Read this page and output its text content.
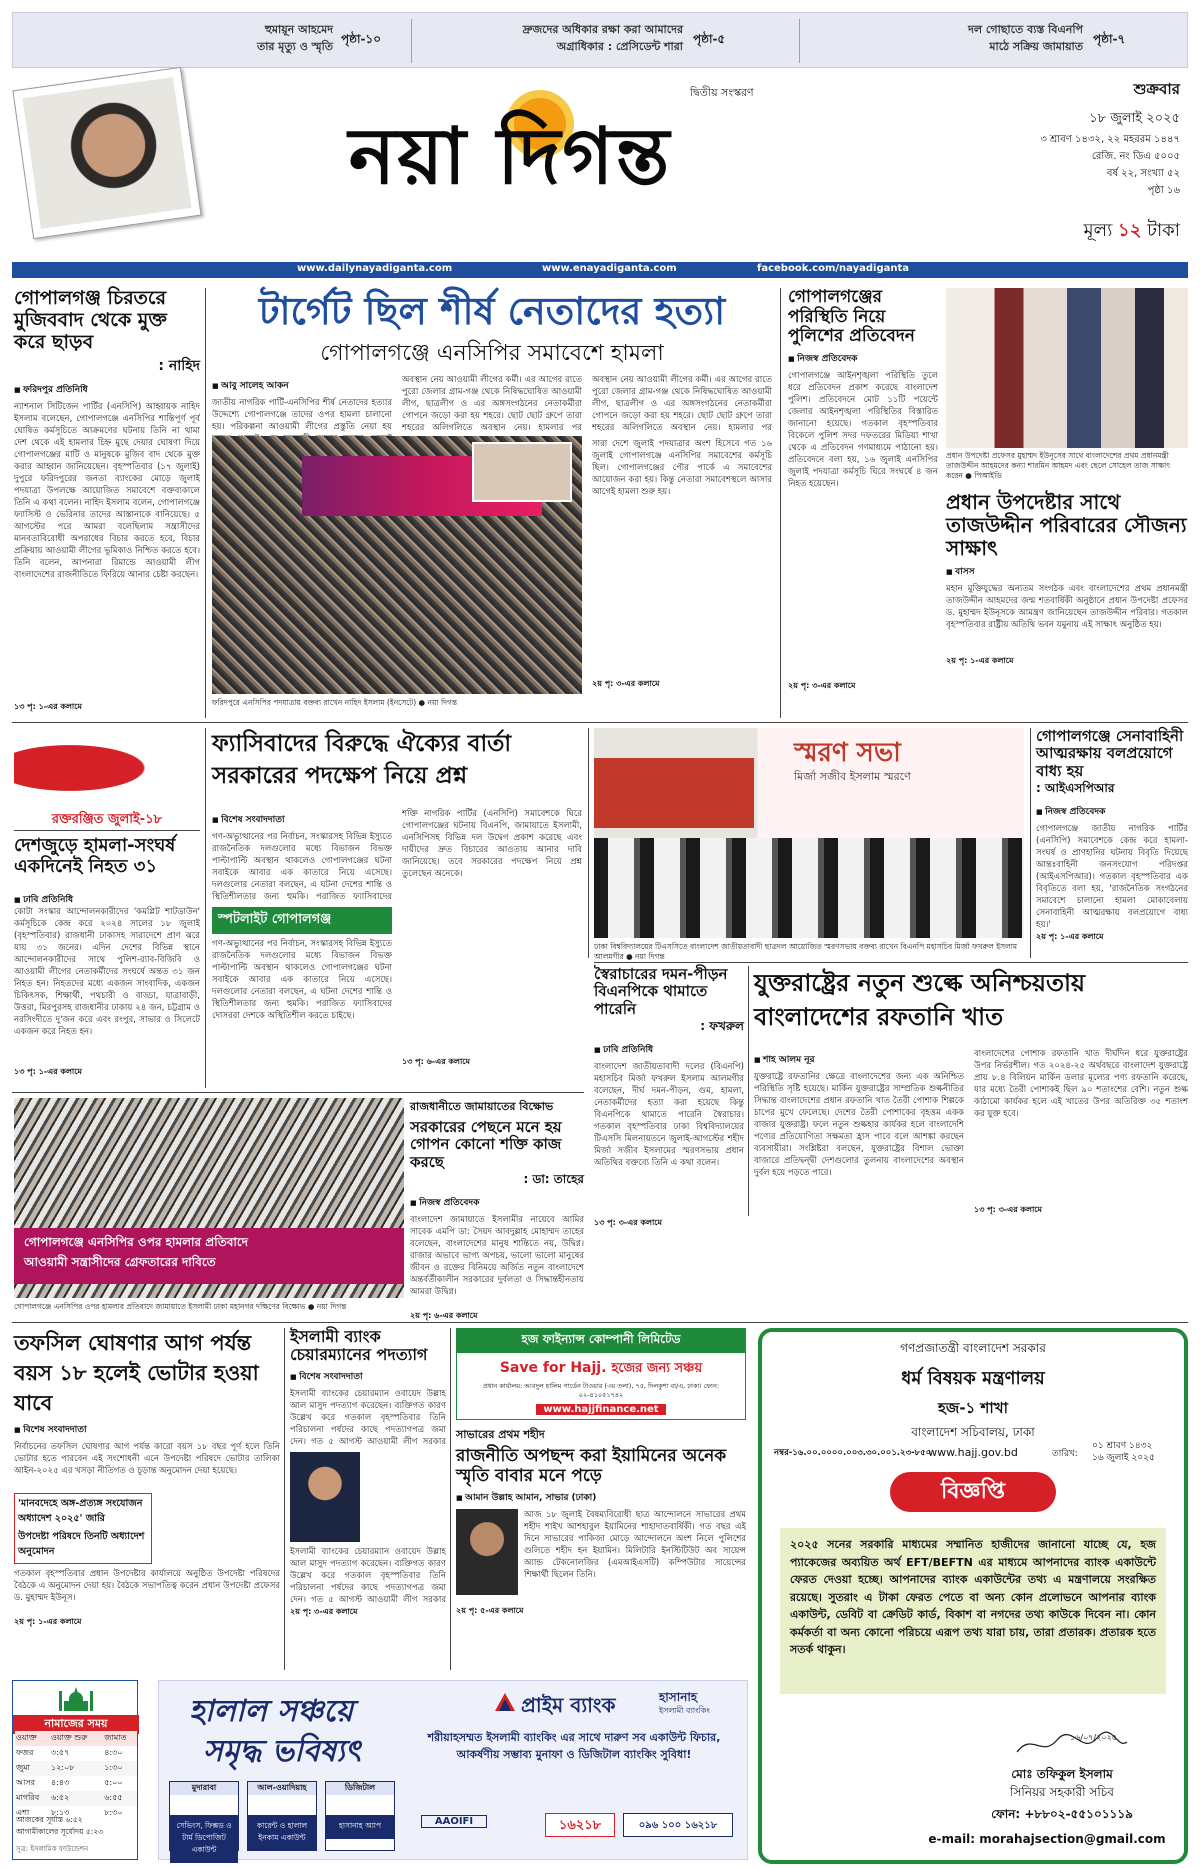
হুমায়ূন আহমেদ
তার মৃত্যু ও স্মৃতি
পৃষ্ঠা-১০
দ্রুজদের অধিকার রক্ষা করা আমাদের
অগ্রাধিকার : প্রেসিডেন্ট শারা
পৃষ্ঠা-৫
দল গোছাতে ব্যস্ত বিএনপি
মাঠে সক্রিয় জামায়াত
পৃষ্ঠা-৭
দ্বিতীয় সংস্করণ
নয়া দিগন্ত
শুক্রবার
১৮ জুলাই ২০২৫
৩ শ্রাবণ ১৪৩২, ২২ মহররম ১৪৪৭
রেজি. নং ডিএ ৫০০৫
বর্ষ ২২, সংখ্যা ৫২
পৃষ্ঠা ১৬
মূল্য ১২ টাকা
www.dailynayadiganta.com	www.enayadiganta.com	facebook.com/nayadiganta
গোপালগঞ্জ চিরতরে মুজিববাদ থেকে মুক্ত করে ছাড়ব
: নাহিদ
■ ফরিদপুর প্রতিনিধি
ন্যাশনাল সিটিজেন পার্টির (এনসিপি) আহ্বায়ক নাহিদ ইসলাম বলেছেন, গোপালগঞ্জে এনসিপির শান্তিপূর্ণ পূর্ব ঘোষিত কর্মসূচিতে আক্রমণের ঘটনায় তিনি না থামা দেশ থেকে এই হামলার চিহ্ন মুছে দেয়ার ঘোষণা দিয়ে গোপালগঞ্জের মাটি ও মানুষকে মুজিব বাদ থেকে মুক্ত করার আহ্বান জানিয়েছেন। বৃহস্পতিবার (১৭ জুলাই) দুপুরে ফরিদপুরের জনতা ব্যাংকের মোড়ে জুলাই পদযাত্রা উপলক্ষে আয়োজিত সমাবেশে বক্তব্যকালে তিনি এ কথা বলেন। নাহিদ ইসলাম বলেন, গোপালগঞ্জে ফ্যাসিস্ট ও ভেরিনার তাদের আস্তানাকে বানিয়েছে। ৫ আগস্টের পরে আমরা বলেছিলাম সন্ত্রাসীদের মানবতাবিরোধী অপরাধের বিচার করতে হবে, বিচার প্রক্রিয়ায় আওয়ামী লীগের ভূমিকাও নিশ্চিত করতে হবে। তিনি বলেন, আপনারা রিমান্ডে আওয়ামী লীগ বাংলাদেশের রাজনীতিতে ফিরিয়ে আনার চেষ্টা করছেন।
১৩ পৃ: ১-এর কলামে
টার্গেট ছিল শীর্ষ নেতাদের হত্যা
গোপালগঞ্জে এনসিপির সমাবেশে হামলা
■ আবু সালেহ আকন
জাতীয় নাগরিক পার্টি-এনসিপির শীর্ষ নেতাদের হত্যার উদ্দেশ্যে গোপালগঞ্জে তাদের ওপর হামলা চালানো হয়। পরিকল্পনা আওয়ামী লীগের প্রস্তুতি নেয়া হয়
অবস্থান নেয় আওয়ামী লীগের কর্মী। এর আগের রাতে পুরো জেলার গ্রাম-গঞ্জ থেকে নিষিদ্ধঘোষিত আওয়ামী লীগ, ছাত্রলীগ ও এর অঙ্গসংগঠনের নেতাকর্মীরা গোপনে জড়ো করা হয় শহরে। ছোট ছোট গ্রুপে তারা শহরের অলিগলিতে অবস্থান নেয়। হামলার পর
অবস্থান নেয় আওয়ামী লীগের কর্মী। এর আগের রাতে পুরো জেলার গ্রাম-গঞ্জ থেকে নিষিদ্ধঘোষিত আওয়ামী লীগ, ছাত্রলীগ ও এর অঙ্গসংগঠনের নেতাকর্মীরা গোপনে জড়ো করা হয় শহরে। ছোট ছোট গ্রুপে তারা শহরের অলিগলিতে অবস্থান নেয়। হামলার পর
ফরিদপুরে এনসিপির পদযাত্রায় বক্তব্য রাখেন নাহিদ ইসলাম (ইনসেটে) ● নয়া দিগন্ত
সারা দেশে জুলাই পদযাত্রার অংশ হিসেবে গত ১৬ জুলাই গোপালগঞ্জে এনসিপির সমাবেশের কর্মসূচি ছিল। গোপালগঞ্জের পৌর পার্কে এ সমাবেশের আয়োজন করা হয়। কিন্তু নেতারা সমাবেশস্থলে আসার আগেই হামলা শুরু হয়।
২য় পৃ: ৩-এর কলামে
গোপালগঞ্জের পরিস্থিতি নিয়ে পুলিশের প্রতিবেদন
■ নিজস্ব প্রতিবেদক
গোপালগঞ্জে আইনশৃঙ্খলা পরিস্থিতি তুলে ধরে প্রতিবেদন প্রকাশ করেছে বাংলাদেশ পুলিশ। প্রতিবেদনে মোট ১১টি পয়েন্টে জেলার আইনশৃঙ্খলা পরিস্থিতির বিস্তারিত জানানো হয়েছে। গতকাল বৃহস্পতিবার বিকেলে পুলিশ সদর দফতরের মিডিয়া শাখা থেকে এ প্রতিবেদন গণমাধ্যমে পাঠানো হয়। প্রতিবেদনে বলা হয়, ১৬ জুলাই এনসিপির জুলাই পদযাত্রা কর্মসূচি ঘিরে সংঘর্ষে ৪ জন নিহত হয়েছেন।
২য় পৃ: ৩-এর কলামে
প্রধান উপদেষ্টা প্রফেসর মুহাম্মদ ইউনূসের সাথে বাংলাদেশের প্রথম প্রধানমন্ত্রী তাজউদ্দীন আহমদের কন্যা শারমিন আহমদ এবং ছেলে সোহেল তাজ সাক্ষাৎ করেন ● পিআইডি
প্রধান উপদেষ্টার সাথে তাজউদ্দীন পরিবারের সৌজন্য সাক্ষাৎ
■ বাসস
মহান মুক্তিযুদ্ধের অন্যতম সংগঠক এবং বাংলাদেশের প্রথম প্রধানমন্ত্রী তাজউদ্দীন আহমদের জন্ম শতবার্ষিকী অনুষ্ঠানে প্রধান উপদেষ্টা প্রফেসর ড. মুহাম্মদ ইউনূসকে আমন্ত্রণ জানিয়েছেন তাজউদ্দীন পরিবার। গতকাল বৃহস্পতিবার রাষ্ট্রীয় অতিথি ভবন যমুনায় এই সাক্ষাৎ অনুষ্ঠিত হয়।
২য় পৃ: ১-এর কলামে
রক্তরঞ্জিত জুলাই-১৮
দেশজুড়ে হামলা-সংঘর্ষ একদিনেই নিহত ৩১
■ ঢাবি প্রতিনিধি
কোটা সংস্কার আন্দোলনকারীদের 'কমপ্লিট শাটডাউন' কর্মসূচিকে কেন্দ্র করে ২০২৪ সালের ১৮ জুলাই (বৃহস্পতিবার) রাজধানী ঢাকাসহ সারাদেশে প্রাণ ঝরে যায় ৩১ জনের। এদিন দেশের বিভিন্ন স্থানে আন্দোলনকারীদের সাথে পুলিশ-র‍্যাব-বিজিবি ও আওয়ামী লীগের নেতাকর্মীদের সংঘর্ষে অন্তত ৩১ জন নিহত হন। নিহতদের মধ্যে একজন সাংবাদিক, একজন চিকিৎসক, শিক্ষার্থী, পথচারী ও বাড্ডা, যাত্রাবাড়ী, উত্তরা, মিরপুরসহ রাজধানীর ঢাকায় ২৪ জন, চট্টগ্রাম ও নরসিংদীতে দু'জন করে এবং রংপুর, সাভার ও সিলেটে একজন করে নিহত হন।
১৩ পৃ: ১-এর কলামে
ফ্যাসিবাদের বিরুদ্ধে ঐক্যের বার্তা সরকারের পদক্ষেপ নিয়ে প্রশ্ন
■ বিশেষ সংবাদদাতা
গণ-অভ্যুত্থানের পর নির্বাচন, সংস্কারসহ বিভিন্ন ইস্যুতে রাজনৈতিক দলগুলোর মধ্যে বিভাজন বিভক্ত পাল্টাপাল্টি অবস্থান থাকলেও গোপালগঞ্জের ঘটনা সবাইকে আবার এক কাতারে নিয়ে এসেছে। দলগুলোর নেতারা বলছেন, এ ঘটনা দেশের শান্তি ও স্থিতিশীলতার জন্য হুমকি। পরাজিত ফ্যাসিবাদের
স্পটলাইট গোপালগঞ্জ
গণ-অভ্যুত্থানের পর নির্বাচন, সংস্কারসহ বিভিন্ন ইস্যুতে রাজনৈতিক দলগুলোর মধ্যে বিভাজন বিভক্ত পাল্টাপাল্টি অবস্থান থাকলেও গোপালগঞ্জের ঘটনা সবাইকে আবার এক কাতারে নিয়ে এসেছে। দলগুলোর নেতারা বলছেন, এ ঘটনা দেশের শান্তি ও স্থিতিশীলতার জন্য হুমকি। পরাজিত ফ্যাসিবাদের দোসররা দেশকে অস্থিতিশীল করতে চাইছে।
শক্তি নাগরিক পার্টির (এনসিপি) সমাবেশকে ঘিরে গোপালগঞ্জের ঘটনায় বিএনপি, জামায়াতে ইসলামী, এনসিপিসহ বিভিন্ন দল উদ্বেগ প্রকাশ করেছে এবং দায়ীদের দ্রুত বিচারের আওতায় আনার দাবি জানিয়েছে। তবে সরকারের পদক্ষেপ নিয়ে প্রশ্ন তুলেছেন অনেকে।
১৩ পৃ: ৬-এর কলামে
স্মরণ সভা
মির্জা সজীব ইসলাম স্মরণে
ঢাকা বিশ্ববিদ্যালয়ের টিএসসিতে বাংলাদেশ জাতীয়তাবাদী ছাত্রদল আয়োজিত স্মরণসভায় বক্তব্য রাখেন বিএনপি মহাসচিব মির্জা ফখরুল ইসলাম আলমগীর ● নয়া দিগন্ত
গোপালগঞ্জে সেনাবাহিনী আত্মরক্ষায় বলপ্রয়োগে বাধ্য হয়
: আইএসপিআর
■ নিজস্ব প্রতিবেদক
গোপালগঞ্জে জাতীয় নাগরিক পার্টির (এনসিপি) সমাবেশকে কেন্দ্র করে হামলা-সংঘর্ষ ও প্রাণহানির ঘটনায় বিবৃতি দিয়েছে আন্তঃবাহিনী জনসংযোগ পরিদপ্তর (আইএসপিআর)। গতকাল বৃহস্পতিবার এক বিবৃতিতে বলা হয়, 'রাজনৈতিক সংগঠনের সমাবেশে চালানো হামলা মোকাবেলায় সেনাবাহিনী আত্মরক্ষায় বলপ্রয়োগে বাধ্য হয়।'
২য় পৃ: ১-এর কলামে
স্বৈরাচারের দমন-পীড়ন বিএনপিকে থামাতে পারেনি
: ফখরুল
■ ঢাবি প্রতিনিধি
বাংলাদেশ জাতীয়তাবাদী দলের (বিএনপি) মহাসচিব মির্জা ফখরুল ইসলাম আলমগীর বলেছেন, দীর্ঘ দমন-পীড়ন, গুম, হামলা, নেতাকর্মীদের হত্যা করা হয়েছে কিন্তু বিএনপিকে থামাতে পারেনি স্বৈরাচার। গতকাল বৃহস্পতিবার ঢাকা বিশ্ববিদ্যালয়ের টিএসসি মিলনায়তনে জুলাই-আগস্টের শহীদ মির্জা সজীব ইসলামের স্মরণসভায় প্রধান অতিথির বক্তব্যে তিনি এ কথা বলেন।
১৩ পৃ: ৩-এর কলামে
যুক্তরাষ্ট্রের নতুন শুল্কে অনিশ্চয়তায় বাংলাদেশের রফতানি খাত
■ শাহ আলম নূর
যুক্তরাষ্ট্রে রফতানির ক্ষেত্রে বাংলাদেশের জন্য এক অনিশ্চিত পরিস্থিতি সৃষ্টি হয়েছে। মার্কিন যুক্তরাষ্ট্রের সাম্প্রতিক শুল্কনীতির সিদ্ধান্ত বাংলাদেশের প্রধান রফতানি খাত তৈরী পোশাক শিল্পকে চাপের মুখে ফেলেছে। দেশের তৈরী পোশাকের বৃহত্তম একক বাজার যুক্তরাষ্ট্র। ফলে নতুন শুল্কহার কার্যকর হলে বাংলাদেশি পণ্যের প্রতিযোগিতা সক্ষমতা হ্রাস পাবে বলে আশঙ্কা করছেন ব্যবসায়ীরা। সংশ্লিষ্টরা বলছেন, যুক্তরাষ্ট্রের বিশাল ভোক্তা বাজারে প্রতিদ্বন্দ্বী দেশগুলোর তুলনায় বাংলাদেশের অবস্থান দুর্বল হয়ে পড়তে পারে।
বাংলাদেশের পোশাক রফতানি খাত দীর্ঘদিন ধরে যুক্তরাষ্ট্রের উপর নির্ভরশীল। গত ২০২৪-২৫ অর্থবছরে বাংলাদেশ যুক্তরাষ্ট্রে প্রায় ৮.৪ বিলিয়ন মার্কিন ডলার মূল্যের পণ্য রফতানি করেছে, যার মধ্যে তৈরী পোশাকই ছিল ৯০ শতাংশের বেশি। নতুন শুল্ক কাঠামো কার্যকর হলে এই খাতের উপর অতিরিক্ত ৩৫ শতাংশ কর যুক্ত হবে।
১৩ পৃ: ৩-এর কলামে
গোপালগঞ্জে এনসিপির ওপর হামলার প্রতিবাদে
আওয়ামী সন্ত্রাসীদের গ্রেফতারের দাবিতে
গোপালগঞ্জে এনসিপির ওপর হামলার প্রতিবাদে জামায়াতে ইসলামী ঢাকা মহানগর দক্ষিণের বিক্ষোভ ● নয়া দিগন্ত
রাজধানীতে জামায়াতের বিক্ষোভ
সরকারের পেছনে মনে হয় গোপন কোনো শক্তি কাজ করছে
: ডা: তাহের
■ নিজস্ব প্রতিবেদক
বাংলাদেশ জামায়াতে ইসলামীর নায়েবে আমির সাবেক এমপি ডা: সৈয়দ আবদুল্লাহ মোহাম্মদ তাহের বলেছেন, বাংলাদেশের মানুষ শান্তিতে নয়, উদ্বিগ্ন। রাজার অভাবে ভাগ্য অপচয়, ভালো ভালো মানুষের জীবন ও রক্তের বিনিময়ে অর্জিত নতুন বাংলাদেশে অন্তর্বর্তীকালীন সরকারের দুর্বলতা ও সিদ্ধান্তহীনতায় আমরা উদ্বিগ্ন।
২য় পৃ: ৬-এর কলামে
তফসিল ঘোষণার আগ পর্যন্ত বয়স ১৮ হলেই ভোটার হওয়া যাবে
■ বিশেষ সংবাদদাতা
নির্বাচনের তফসিল ঘোষণার আগ পর্যন্ত কারো বয়স ১৮ বছর পূর্ণ হলে তিনি ভোটার হতে পারবেন এই সংশোধনী এনে উপদেষ্টা পরিষদে ভোটার তালিকা আইন-২০২৫ এর খসড়া নীতিগত ও চূড়ান্ত অনুমোদন দেয়া হয়েছে।
'মানবদেহে অঙ্গ-প্রত্যঙ্গ সংযোজন অধ্যাদেশ ২০২৫' জারি
উপদেষ্টা পরিষদে তিনটি অধ্যাদেশ অনুমোদন
গতকাল বৃহস্পতিবার প্রধান উপদেষ্টার কার্যালয়ে অনুষ্ঠিত উপদেষ্টা পরিষদের বৈঠকে এ অনুমোদন দেয়া হয়। বৈঠকে সভাপতিত্ব করেন প্রধান উপদেষ্টা প্রফেসর ড. মুহাম্মদ ইউনূস।
২য় পৃ: ১-এর কলামে
ইসলামী ব্যাংক চেয়ারম্যানের পদত্যাগ
■ বিশেষ সংবাদদাতা
ইসলামী ব্যাংকের চেয়ারম্যান ওবায়েদ উল্লাহ আল মাসুদ পদত্যাগ করেছেন। ব্যক্তিগত কারণ উল্লেখ করে গতকাল বৃহস্পতিবার তিনি পরিচালনা পর্ষদের কাছে পদত্যাগপত্র জমা দেন। গত ৫ আগস্ট আওয়ামী লীগ সরকার
ইসলামী ব্যাংকের চেয়ারম্যান ওবায়েদ উল্লাহ আল মাসুদ পদত্যাগ করেছেন। ব্যক্তিগত কারণ উল্লেখ করে গতকাল বৃহস্পতিবার তিনি পরিচালনা পর্ষদের কাছে পদত্যাগপত্র জমা দেন। গত ৫ আগস্ট আওয়ামী লীগ সরকার
২য় পৃ: ৩-এর কলামে
হজ ফাইন্যান্স কোম্পানী লিমিটেড
Save for Hajj. হজের জন্য সঞ্চয়
প্রধান কার্যালয়: আবদুল হালিম গার্ডেন টাওয়ার (৩য় তলা), ৭৫, দিলকুশা বা/এ, ঢাকা। ফোন: ০২-৪১০৫১৭৪২
www.hajjfinance.net
সাভারের প্রথম শহীদ
রাজনীতি অপছন্দ করা ইয়ামিনের অনেক স্মৃতি বাবার মনে পড়ে
■ আমান উল্লাহ আমান, সাভার (ঢাকা)
আজ ১৮ জুলাই বৈষম্যবিরোধী ছাত্র আন্দোলনে সাভারের প্রথম শহীদ শাইখ আশহাবুল ইয়ামিনের শাহাদাতবার্ষিকী। গত বছর এই দিনে সাভারের পাকিজা মোড়ে আন্দোলনে অংশ নিলে পুলিশের গুলিতে শহীদ হন ইয়ামিন। মিলিটারি ইনস্টিটিউট অব সায়েন্স অ্যান্ড টেকনোলজির (এমআইএসটি) কম্পিউটার সায়েন্সের শিক্ষার্থী ছিলেন তিনি।
২য় পৃ: ৫-এর কলামে
গণপ্রজাতন্ত্রী বাংলাদেশ সরকার
ধর্ম বিষয়ক মন্ত্রণালয়
হজ-১ শাখা
বাংলাদেশ সচিবালয়, ঢাকা
www.hajj.gov.bd
নম্বর-১৬.০০.০০০০.০০৩.৩০.০০১.২৩-৮৫০	তারিখ:
০১ শ্রাবণ ১৪৩২
১৬ জুলাই ২০২৫
বিজ্ঞপ্তি
২০২৫ সনের সরকারি মাধ্যমের সম্মানিত হাজীদের জানানো যাচ্ছে যে, হজ প্যাকেজের অব্যয়িত অর্থ EFT/BEFTN এর মাধ্যমে আপনাদের ব্যাংক একাউন্টে ফেরত দেওয়া হচ্ছে। আপনাদের ব্যাংক একাউন্টের তথ্য এ মন্ত্রণালয়ে সংরক্ষিত রয়েছে। সুতরাং এ টাকা ফেরত পেতে বা অন্য কোন প্রলোভনে আপনার ব্যাংক একাউন্ট, ডেবিট বা ক্রেডিট কার্ড, বিকাশ বা নগদের তথ্য কাউকে দিবেন না। কোন কর্মকর্তা বা অন্য কোনো পরিচয়ে এরূপ তথ্য যারা চায়, তারা প্রতারক। প্রতারক হতে সতর্ক থাকুন।
১৬/০৭/২০২৫
মোঃ তফিকুল ইসলাম
সিনিয়র সহকারী সচিব
ফোন: +৮৮০২-৫৫১০১১১৯
e-mail: morahajsection@gmail.com
নামাজের সময়
ওয়াক্ত	ওয়াক্ত শুরু	জামাত
ফজর	৩:৫৭	৪:৩০
জুমা	১২:০৮	১:৩০
আসর	৪:৪৩	৫:০০
মাগরিব	৬:৫২	৬:৫৫
এশা	৮:১৩	৮:৩০
আজকের সূর্যাস্ত ৬:৫২
আগামীকালের সূর্যোদয় ৫:২৩
সূত্র: ইসলামিক ফাউন্ডেশন
হালাল সঞ্চয়ে
সমৃদ্ধ ভবিষ্যৎ
মুদারাবা
সেভিংস, ফিক্সড ও টার্ম ডিপোজিট একাউন্ট
আল-ওয়াদিয়াহ
কারেন্ট ও হালাল ইনকাম একাউন্ট
ডিজিটাল
হাসানাহ অ্যাপ
প্রাইম ব্যাংক	হাসানাহ
ইসলামী ব্যাংকিং
শরীয়াহসম্মত ইসলামী ব্যাংকিং এর সাথে দারুণ সব একাউন্ট ফিচার, আকর্ষণীয় সম্ভাব্য মুনাফা ও ডিজিটাল ব্যাংকিং সুবিধা!
AAOIFI	১৬২১৮	০৯৬ ১০০ ১৬২১৮
